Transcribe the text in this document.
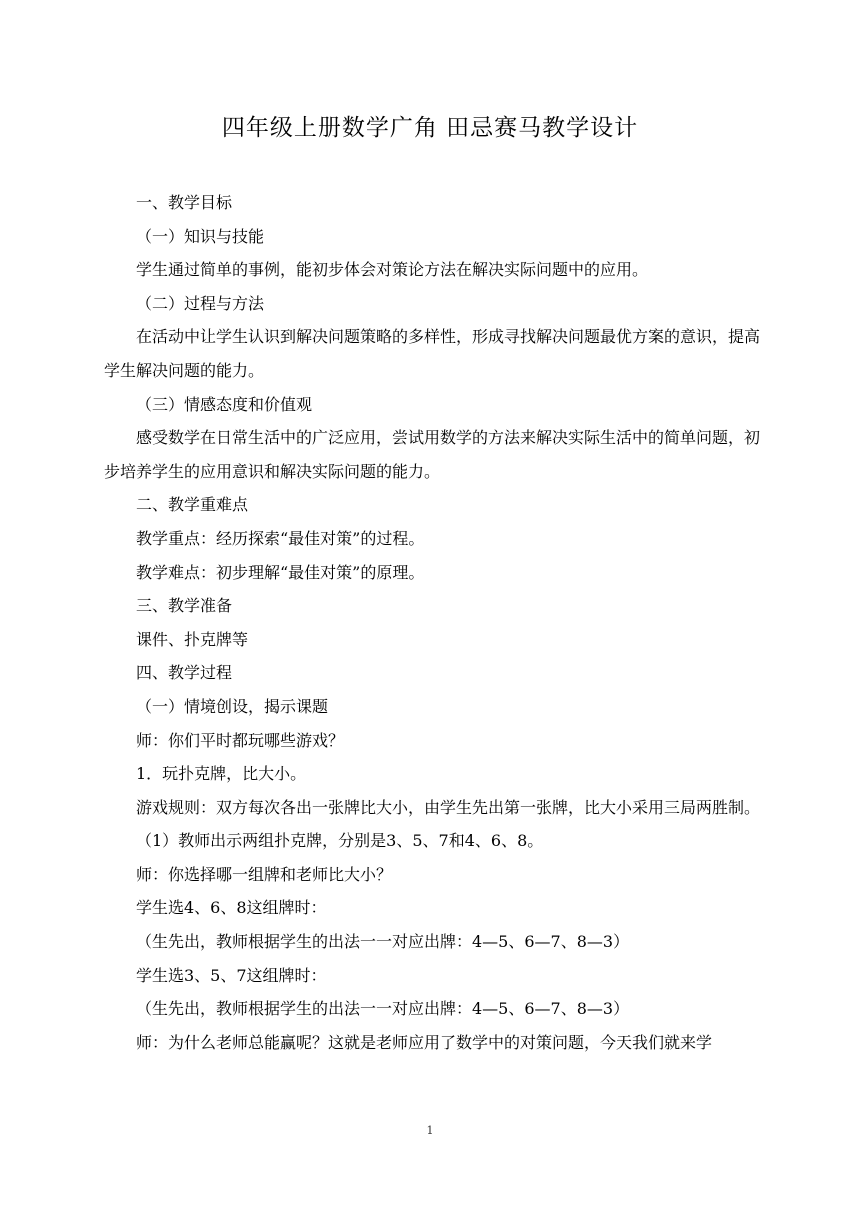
四年级上册数学广角 田忌赛马教学设计

一、教学目标

（一）知识与技能

学生通过简单的事例，能初步体会对策论方法在解决实际问题中的应用。

（二）过程与方法

在活动中让学生认识到解决问题策略的多样性，形成寻找解决问题最优方案的意识，提高学生解决问题的能力。

（三）情感态度和价值观

感受数学在日常生活中的广泛应用，尝试用数学的方法来解决实际生活中的简单问题，初步培养学生的应用意识和解决实际问题的能力。

二、教学重难点

教学重点：经历探索“最佳对策”的过程。

教学难点：初步理解“最佳对策”的原理。

三、教学准备

课件、扑克牌等

四、教学过程

（一）情境创设，揭示课题

师：你们平时都玩哪些游戏？

1．玩扑克牌，比大小。

游戏规则：双方每次各出一张牌比大小，由学生先出第一张牌，比大小采用三局两胜制。

（1）教师出示两组扑克牌，分别是3、5、7和4、6、8。

师：你选择哪一组牌和老师比大小？

学生选4、6、8这组牌时：

（生先出，教师根据学生的出法一一对应出牌：4—5、6—7、8—3）

学生选3、5、7这组牌时：

（生先出，教师根据学生的出法一一对应出牌：4—5、6—7、8—3）

师：为什么老师总能赢呢？这就是老师应用了数学中的对策问题，今天我们就来学

1
